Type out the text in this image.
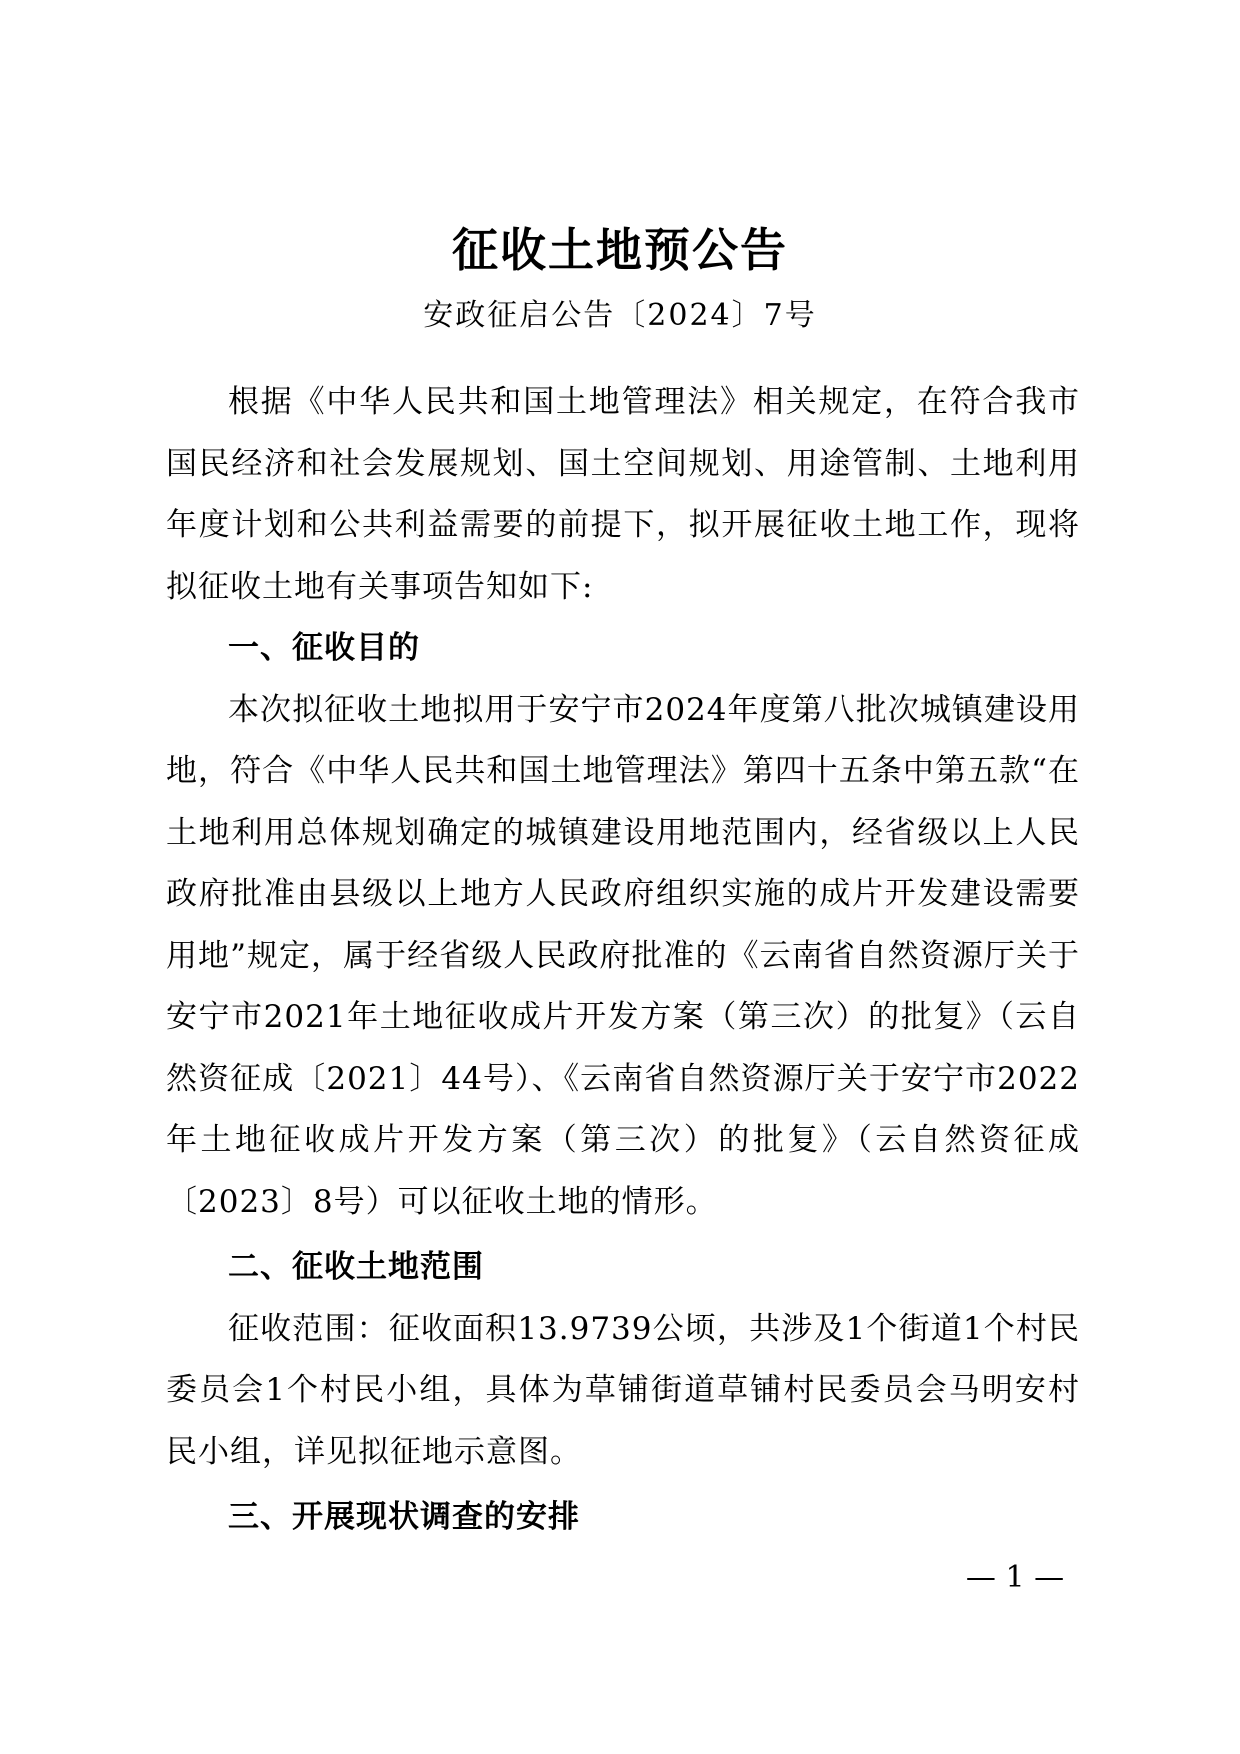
征收土地预公告
安政征启公告〔2024〕7号

根据《中华人民共和国土地管理法》相关规定，在符合我市国民经济和社会发展规划、国土空间规划、用途管制、土地利用年度计划和公共利益需要的前提下，拟开展征收土地工作，现将拟征收土地有关事项告知如下:

一、征收目的

本次拟征收土地拟用于安宁市2024年度第八批次城镇建设用地，符合《中华人民共和国土地管理法》第四十五条中第五款“在土地利用总体规划确定的城镇建设用地范围内，经省级以上人民政府批准由县级以上地方人民政府组织实施的成片开发建设需要用地”规定，属于经省级人民政府批准的《云南省自然资源厅关于安宁市2021年土地征收成片开发方案（第三次）的批复》（云自然资征成〔2021〕44号）、《云南省自然资源厅关于安宁市2022年土地征收成片开发方案（第三次）的批复》（云自然资征成〔2023〕8号）可以征收土地的情形。

二、征收土地范围

征收范围：征收面积13.9739公顷，共涉及1个街道1个村民委员会1个村民小组，具体为草铺街道草铺村民委员会马明安村民小组，详见拟征地示意图。

三、开展现状调查的安排
— 1 —
